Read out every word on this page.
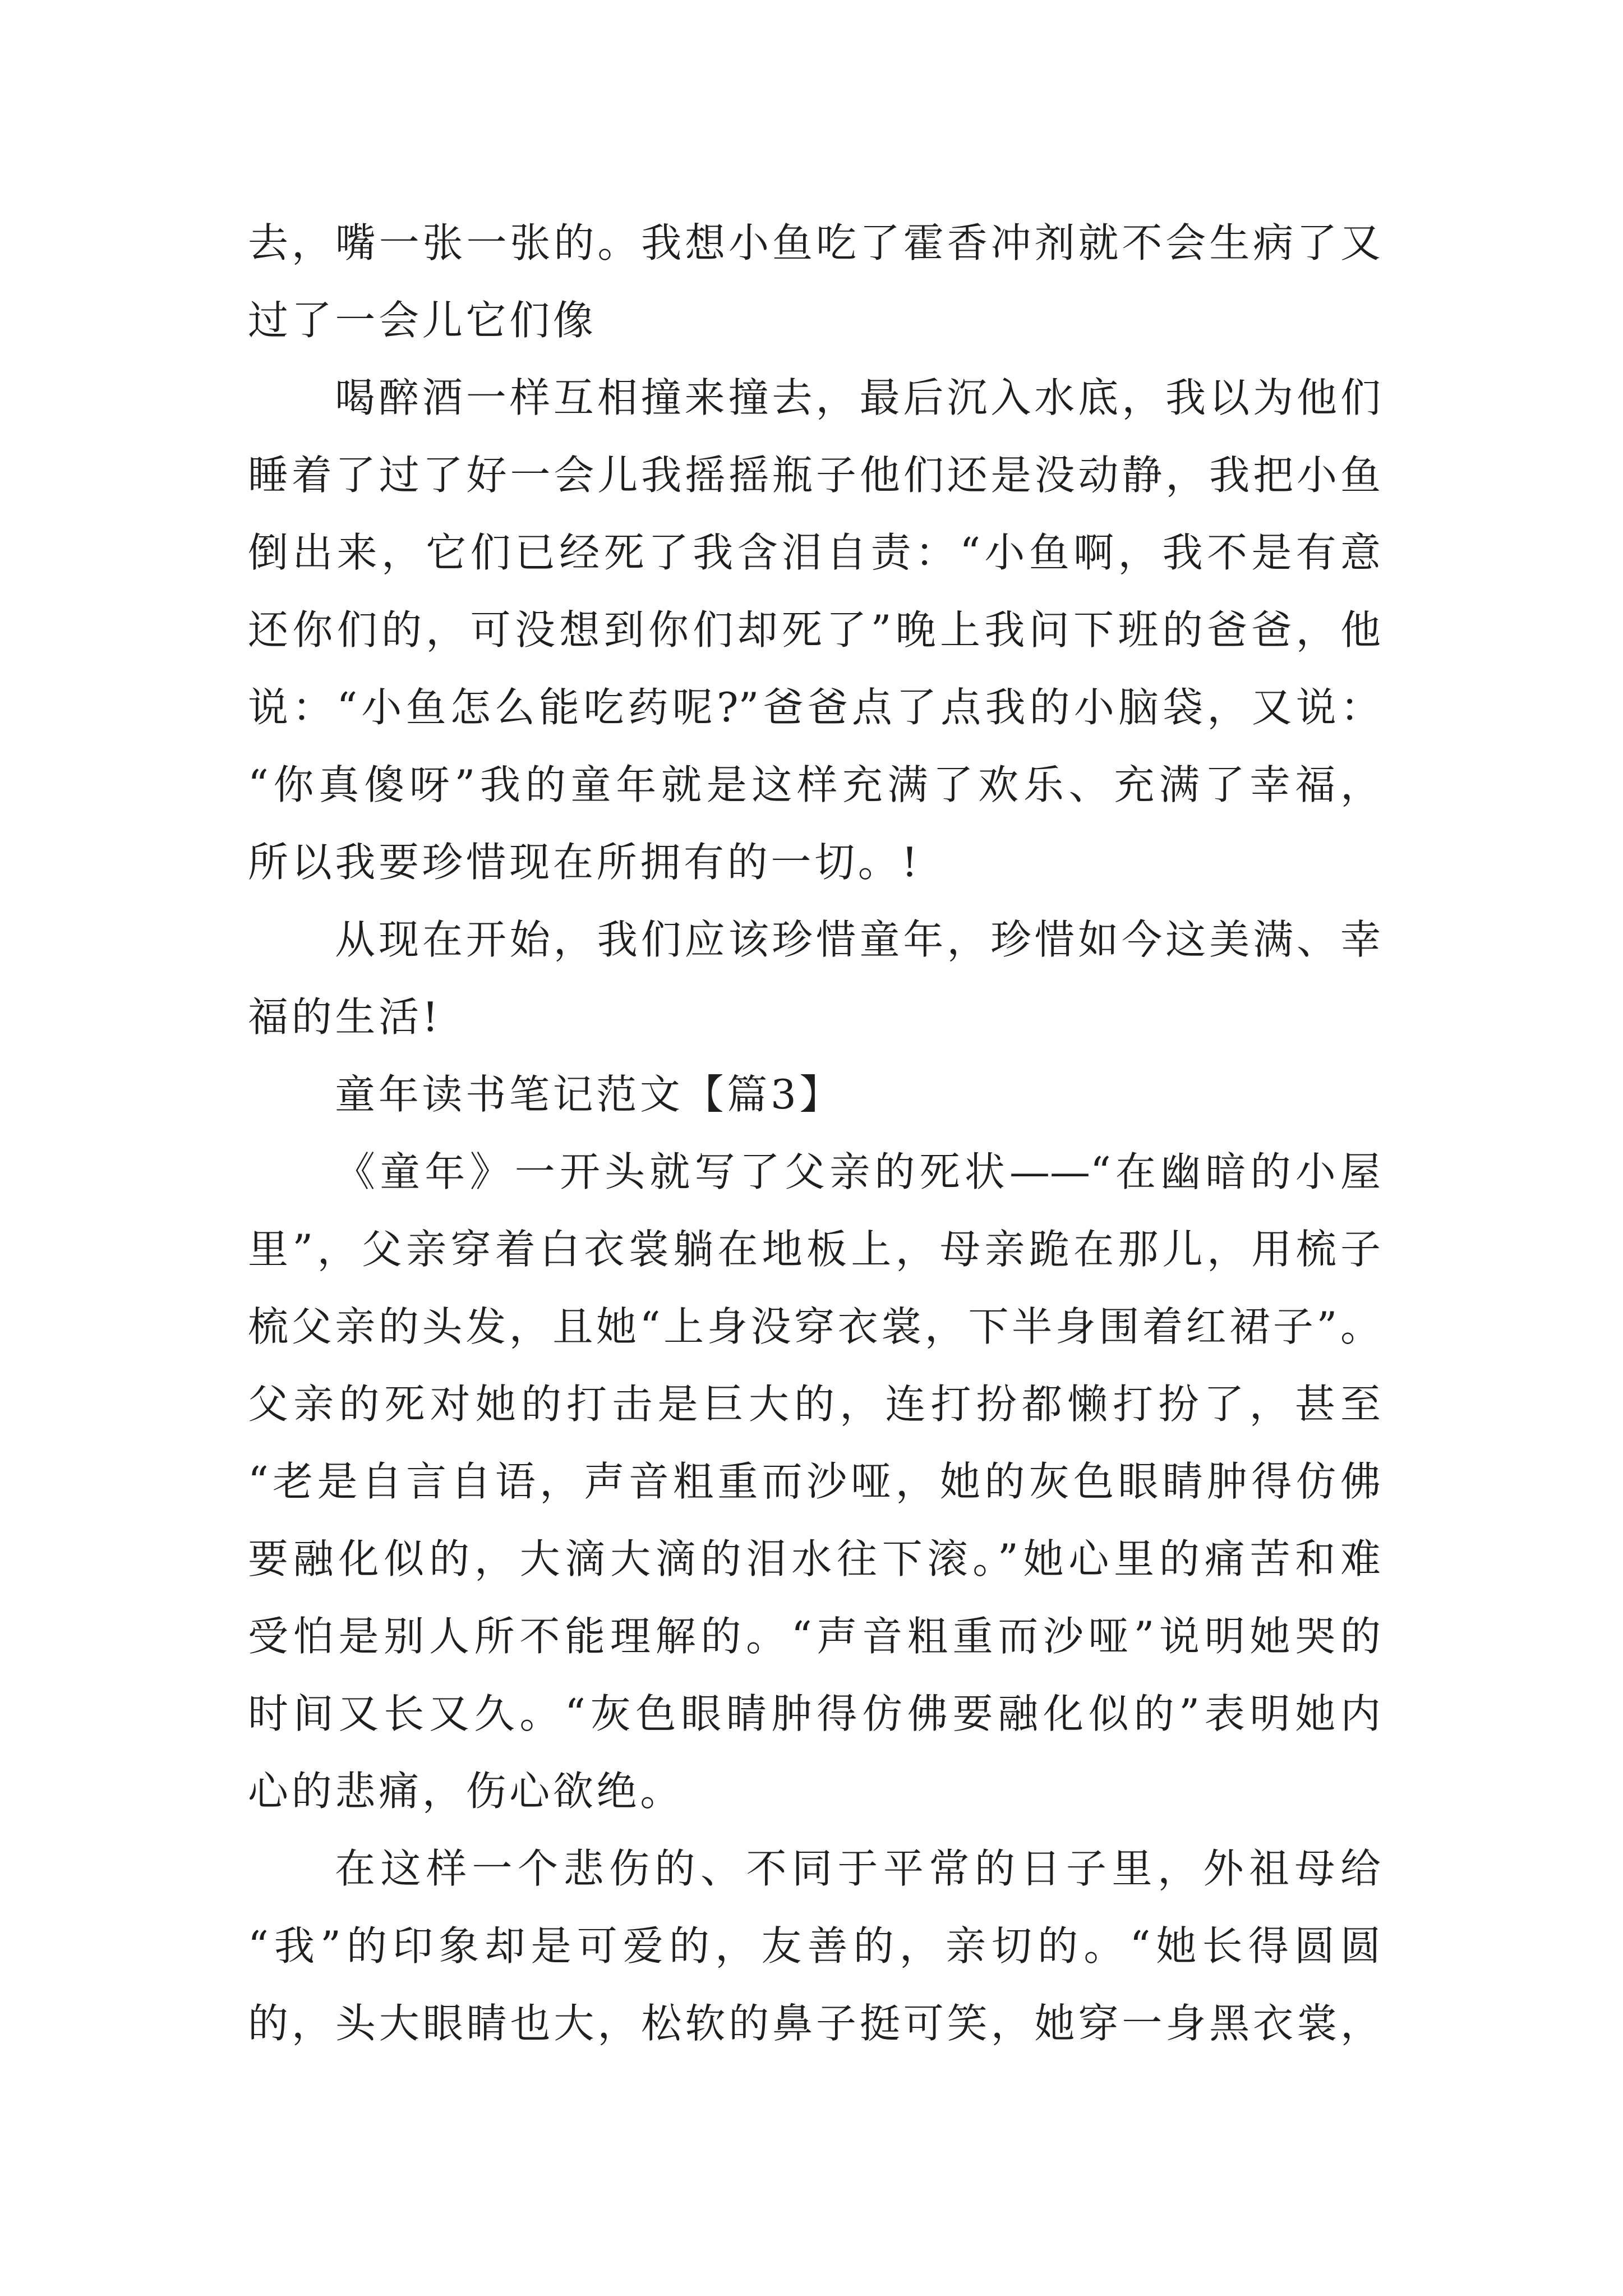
去，嘴一张一张的。我想小鱼吃了霍香冲剂就不会生病了又
过了一会儿它们像
喝醉酒一样互相撞来撞去，最后沉入水底，我以为他们
睡着了过了好一会儿我摇摇瓶子他们还是没动静，我把小鱼
倒出来，它们已经死了我含泪自责：“小鱼啊，我不是有意
还你们的，可没想到你们却死了”晚上我问下班的爸爸，他
说：“小鱼怎么能吃药呢?”爸爸点了点我的小脑袋，又说：
“你真傻呀”我的童年就是这样充满了欢乐、充满了幸福，
所以我要珍惜现在所拥有的一切。!
从现在开始，我们应该珍惜童年，珍惜如今这美满、幸
福的生活!
童年读书笔记范文【篇3】
《童年》一开头就写了父亲的死状——“在幽暗的小屋
里”，父亲穿着白衣裳躺在地板上，母亲跪在那儿，用梳子
梳父亲的头发，且她“上身没穿衣裳，下半身围着红裙子”。
父亲的死对她的打击是巨大的，连打扮都懒打扮了，甚至
“老是自言自语，声音粗重而沙哑，她的灰色眼睛肿得仿佛
要融化似的，大滴大滴的泪水往下滚。”她心里的痛苦和难
受怕是别人所不能理解的。“声音粗重而沙哑”说明她哭的
时间又长又久。“灰色眼睛肿得仿佛要融化似的”表明她内
心的悲痛，伤心欲绝。
在这样一个悲伤的、不同于平常的日子里，外祖母给
“我”的印象却是可爱的，友善的，亲切的。“她长得圆圆
的，头大眼睛也大，松软的鼻子挺可笑，她穿一身黑衣裳，
